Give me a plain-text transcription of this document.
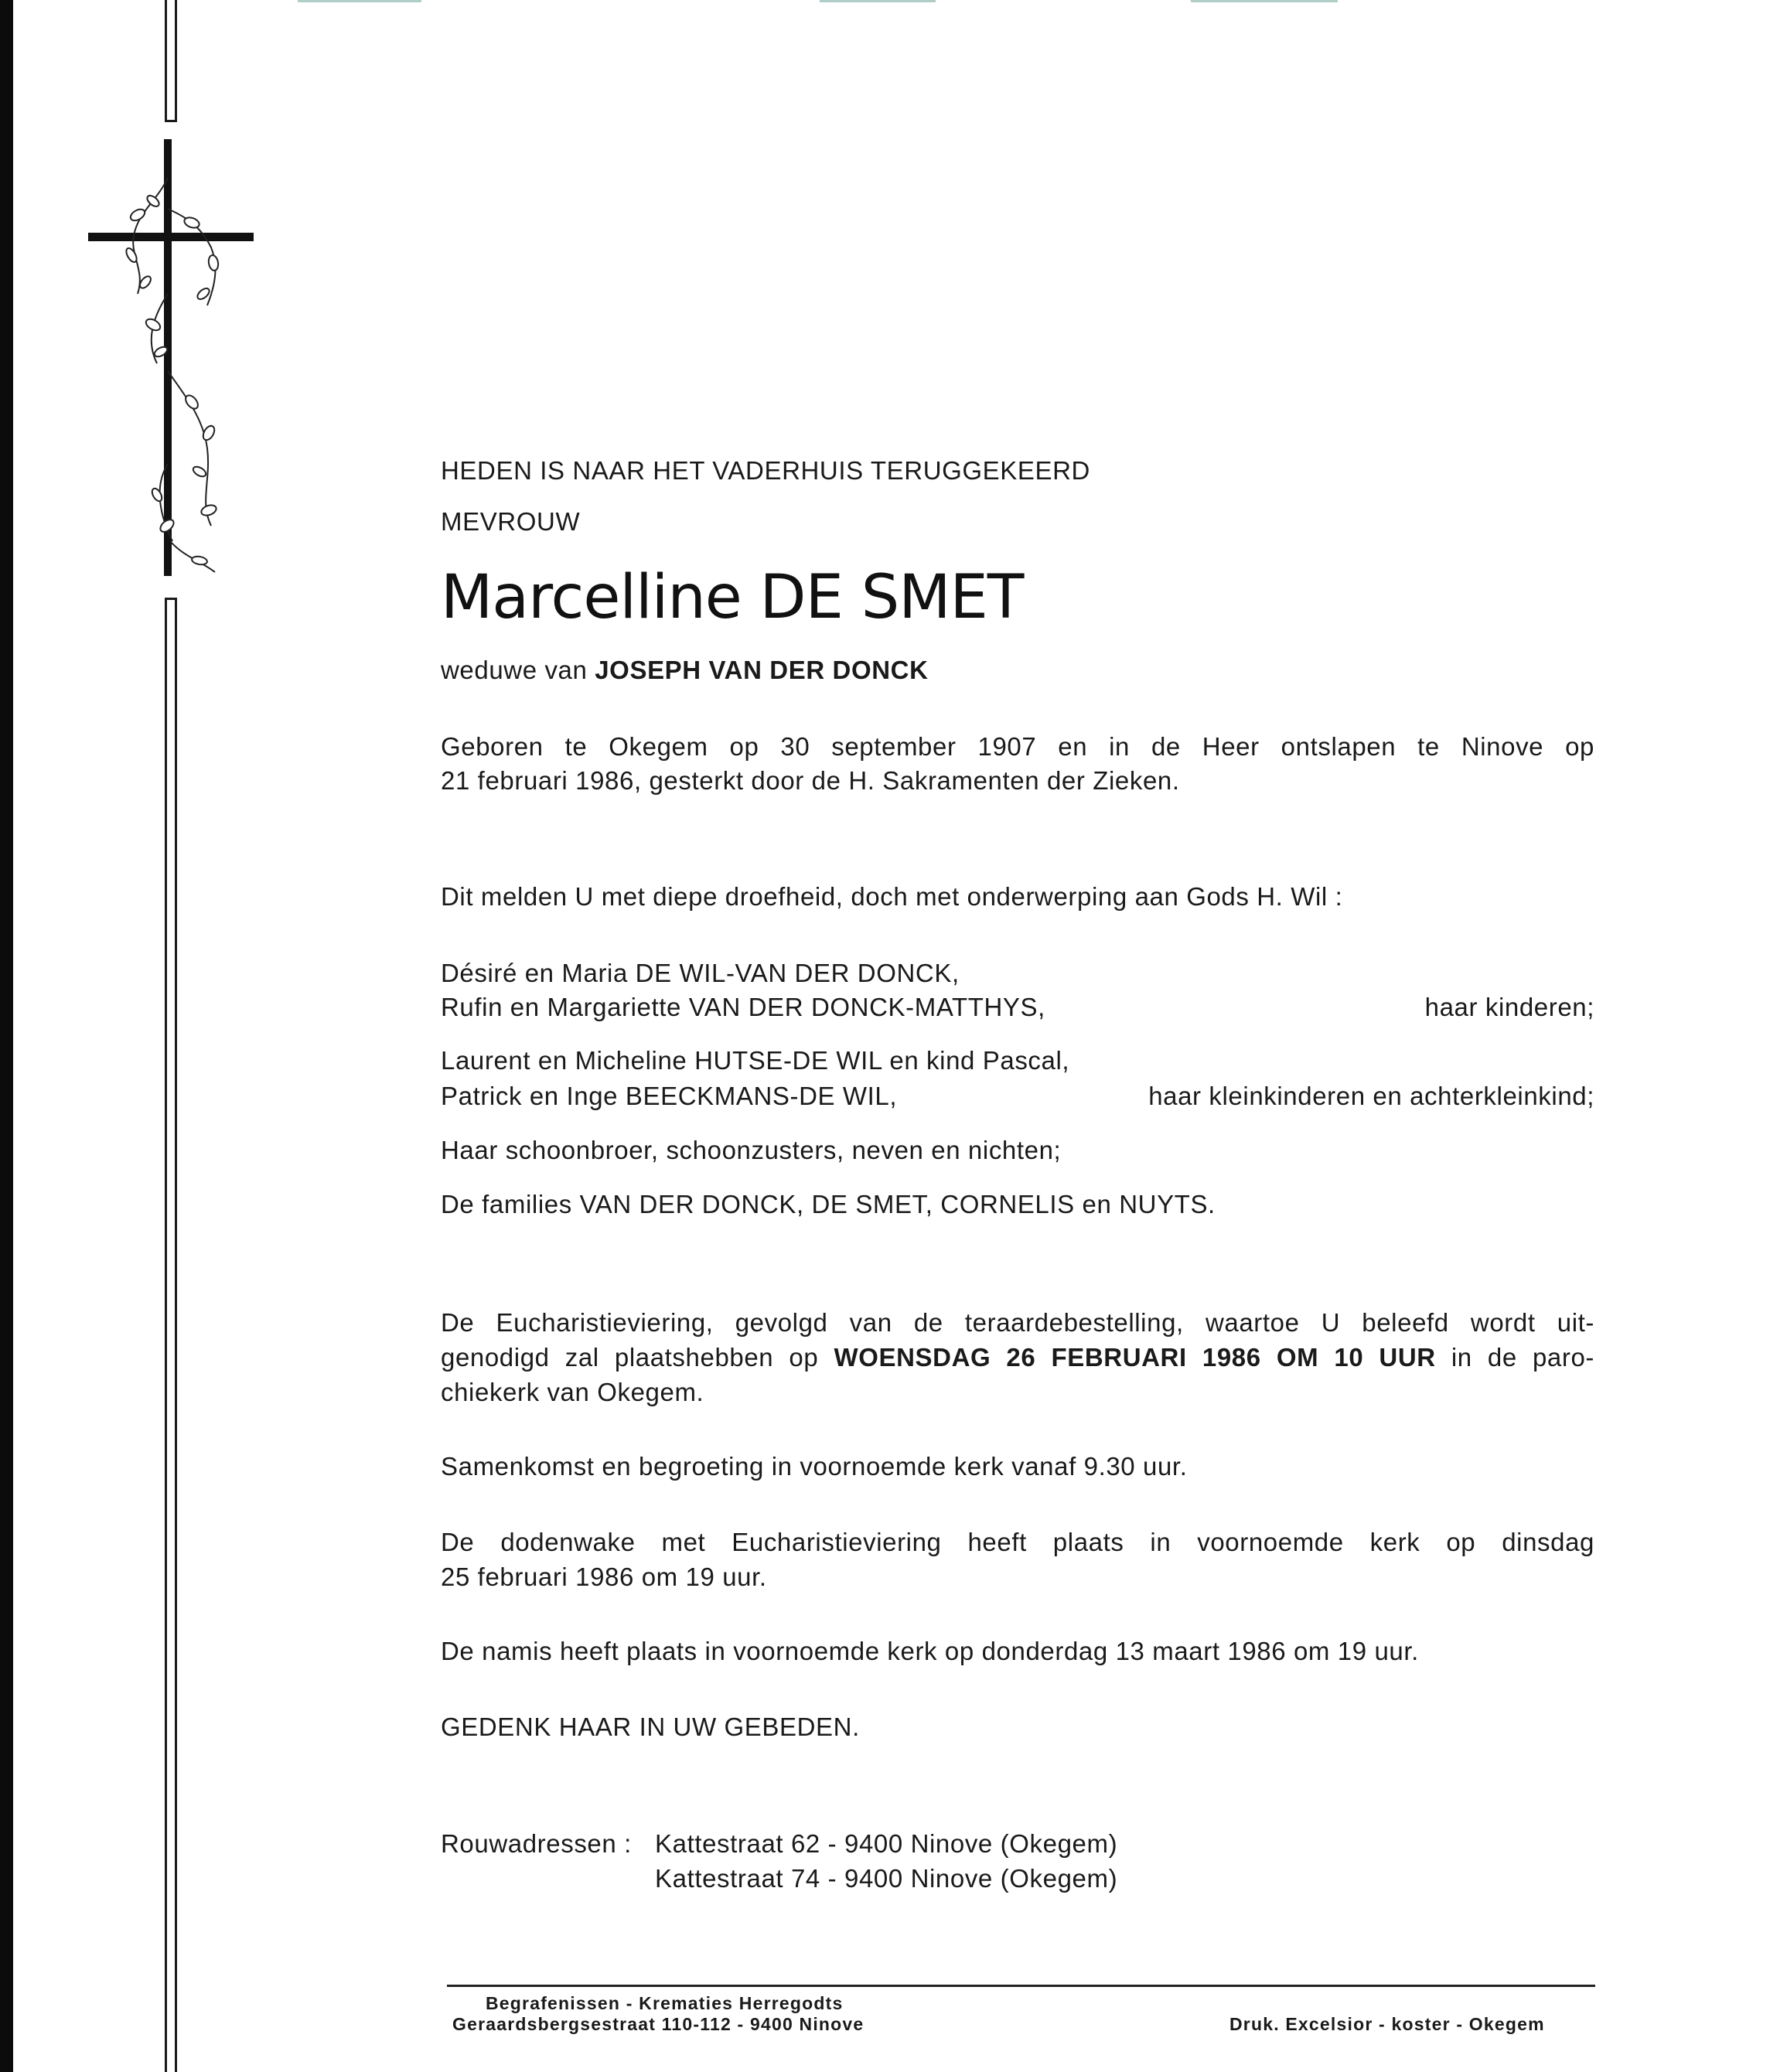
HEDEN IS NAAR HET VADERHUIS TERUGGEKEERD

MEVROUW

Marcelline DE SMET

weduwe van JOSEPH VAN DER DONCK

Geboren te Okegem op 30 september 1907 en in de Heer ontslapen te Ninove op

21 februari 1986, gesterkt door de H. Sakramenten der Zieken.

Dit melden U met diepe droefheid, doch met onderwerping aan Gods H. Wil :

Désiré en Maria DE WIL-VAN DER DONCK,

Rufin en Margariette VAN DER DONCK-MATTHYS,	haar kinderen;

Laurent en Micheline HUTSE-DE WIL en kind Pascal,

Patrick en Inge BEECKMANS-DE WIL,	haar kleinkinderen en achterkleinkind;

Haar schoonbroer, schoonzusters, neven en nichten;

De families VAN DER DONCK, DE SMET, CORNELIS en NUYTS.

De Eucharistieviering, gevolgd van de teraardebestelling, waartoe U beleefd wordt uit-

genodigd zal plaatshebben op WOENSDAG 26 FEBRUARI 1986 OM 10 UUR in de paro-

chiekerk van Okegem.

Samenkomst en begroeting in voornoemde kerk vanaf 9.30 uur.

De dodenwake met Eucharistieviering heeft plaats in voornoemde kerk op dinsdag

25 februari 1986 om 19 uur.

De namis heeft plaats in voornoemde kerk op donderdag 13 maart 1986 om 19 uur.

GEDENK HAAR IN UW GEBEDEN.

Rouwadressen : Kattestraat 62 - 9400 Ninove (Okegem)

Kattestraat 74 - 9400 Ninove (Okegem)

Begrafenissen - Krematies Herregodts
Geraardsbergsestraat 110-112 - 9400 Ninove	Druk. Excelsior - koster - Okegem
